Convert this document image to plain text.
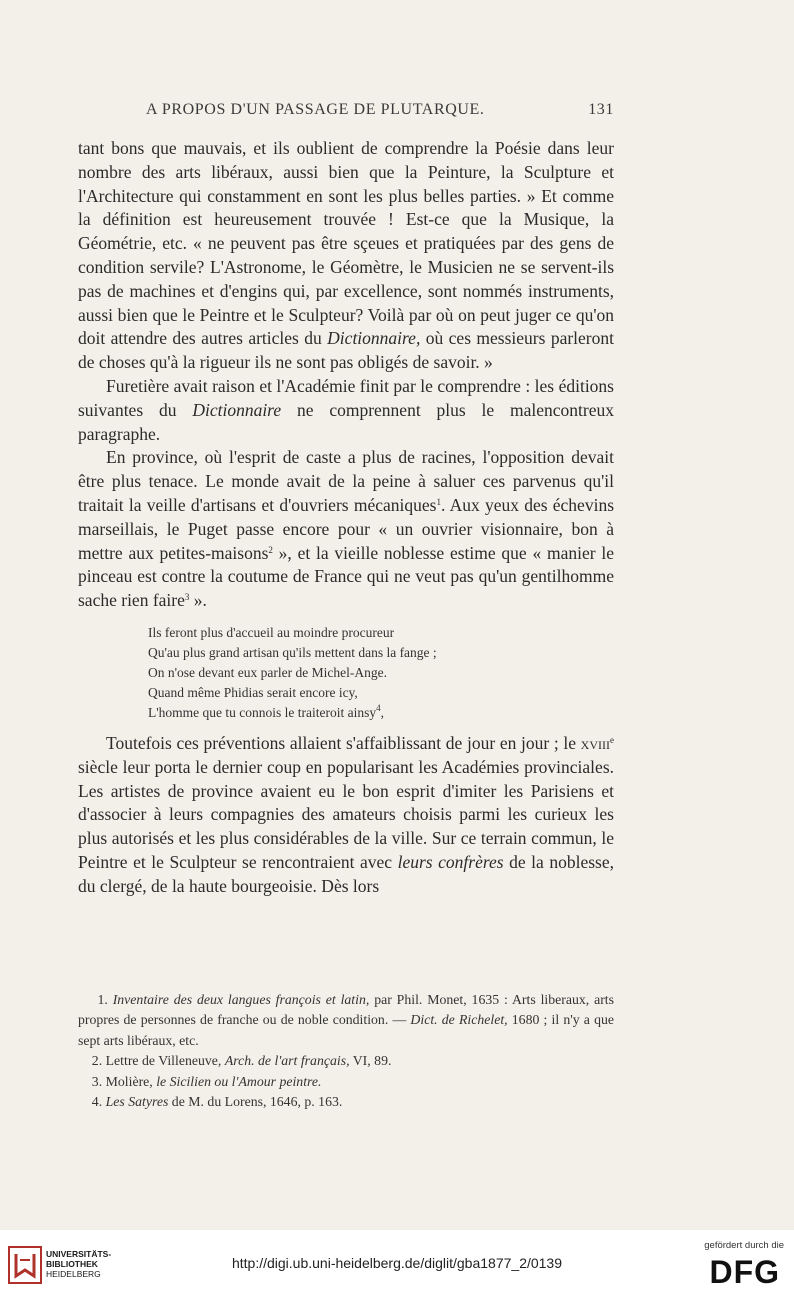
A PROPOS D'UN PASSAGE DE PLUTARQUE.	131

tant bons que mauvais, et ils oublient de comprendre la Poésie dans leur nombre des arts libéraux, aussi bien que la Peinture, la Sculpture et l'Architecture qui constamment en sont les plus belles parties. » Et comme la définition est heureusement trouvée ! Est-ce que la Musique, la Géométrie, etc. « ne peuvent pas être sçeues et pratiquées par des gens de condition servile? L'Astronome, le Géomètre, le Musicien ne se servent-ils pas de machines et d'engins qui, par excellence, sont nommés instruments, aussi bien que le Peintre et le Sculpteur? Voilà par où on peut juger ce qu'on doit attendre des autres articles du Dictionnaire, où ces messieurs parleront de choses qu'à la rigueur ils ne sont pas obligés de savoir. »

Furetière avait raison et l'Académie finit par le comprendre : les éditions suivantes du Dictionnaire ne comprennent plus le malencontreux paragraphe.

En province, où l'esprit de caste a plus de racines, l'opposition devait être plus tenace. Le monde avait de la peine à saluer ces parvenus qu'il traitait la veille d'artisans et d'ouvriers mécaniques$^1$. Aux yeux des échevins marseillais, le Puget passe encore pour « un ouvrier visionnaire, bon à mettre aux petites-maisons$^2$ », et la vieille noblesse estime que « manier le pinceau est contre la coutume de France qui ne veut pas qu'un gentilhomme sache rien faire$^3$ ».

Ils feront plus d'accueil au moindre procureur
Qu'au plus grand artisan qu'ils mettent dans la fange ;
On n'ose devant eux parler de Michel-Ange.
Quand même Phidias serait encore icy,
L'homme que tu connois le traiteroit ainsy$^4$,

Toutefois ces préventions allaient s'affaiblissant de jour en jour ; le xviii$^e$ siècle leur porta le dernier coup en popularisant les Académies provinciales. Les artistes de province avaient eu le bon esprit d'imiter les Parisiens et d'associer à leurs compagnies des amateurs choisis parmi les curieux les plus autorisés et les plus considérables de la ville. Sur ce terrain commun, le Peintre et le Sculpteur se rencontraient avec leurs confrères de la noblesse, du clergé, de la haute bourgeoisie. Dès lors

1. Inventaire des deux langues françois et latin, par Phil. Monet, 1635 : Arts liberaux, arts propres de personnes de franche ou de noble condition. — Dict. de Richelet, 1680 ; il n'y a que sept arts libéraux, etc.

2. Lettre de Villeneuve, Arch. de l'art français, VI, 89.

3. Molière, le Sicilien ou l'Amour peintre.

4. Les Satyres de M. du Lorens, 1646, p. 163.

UNIVERSITÄTS-
BIBLIOTHEK
HEIDELBERG
http://digi.ub.uni-heidelberg.de/diglit/gba1877_2/0139
gefördert durch die
DFG
